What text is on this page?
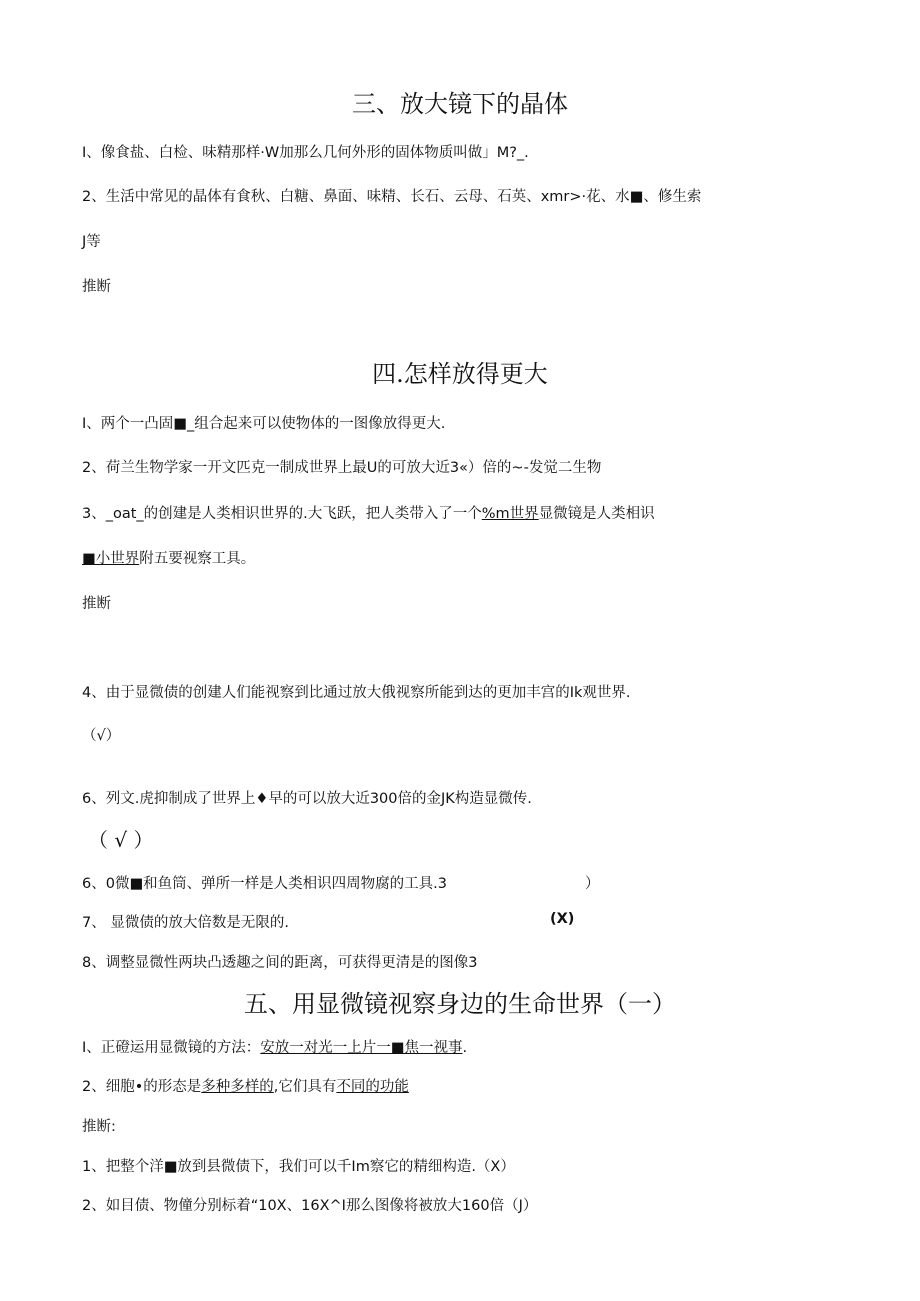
三、放大镜下的晶体

I、像食盐、白检、味精那样·W加那么几何外形的固体物质叫做」M?_.

2、生活中常见的晶体有食秋、白糖、鼻面、味精、长石、云母、石英、xmr>·花、水■、修生索

J等

推断

四.怎样放得更大

I、两个一凸固■_组合起来可以使物体的一图像放得更大.

2、荷兰生物学家一开文匹克一制成世界上最U的可放大近3«）倍的~-发觉二生物

3、_oat_的创建是人类相识世界的.大飞跃，把人类带入了一个%m世界显微镜是人类相识

■小世界附五要视察工具。

推断

4、由于显微债的创建人们能视察到比通过放大俄视察所能到达的更加丰宫的Ik观世界.

（√）

6、列文.虎抑制成了世界上♦早的可以放大近300倍的金JK构造显微传.

（ √ ）

6、0微■和鱼筒、弹所一样是人类相识四周物腐的工具.3	）

7、 显微债的放大倍数是无限的.	(X)

8、调整显微性两块凸透趣之间的距离，可获得更清是的图像3

五、用显微镜视察身边的生命世界（一）

I、正磴运用显微镜的方法：安放一对光一上片一■焦一视事.

2、细胞•的形态是多种多样的,它们具有不同的功能

推断:

1、把整个洋■放到县微债下，我们可以千Im察它的精细构造.（X）

2、如目债、物僮分别标着“10X、16X^I那么图像将被放大160倍（J）
